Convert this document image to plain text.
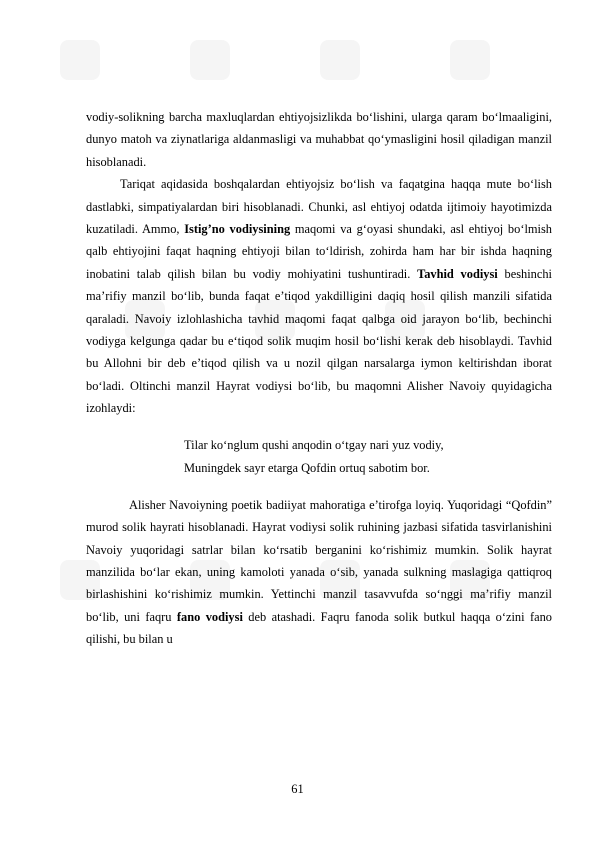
vodiy-solikning barcha maxluqlardan ehtiyojsizlikda bo‘lishini, ularga qaram bo‘lmaaligini, dunyo matoh va ziynatlariga aldanmasligi va muhabbat qo‘ymasligini hosil qiladigan manzil hisoblanadi.

Tariqat aqidasida boshqalardan ehtiyojsiz bo‘lish va faqatgina haqqa mute bo‘lish dastlabki, simpatiyalardan biri hisoblanadi. Chunki, asl ehtiyoj odatda ijtimoiy hayotimizda kuzatiladi. Ammo, Istig’no vodiysining maqomi va g‘oyasi shundaki, asl ehtiyoj bo‘lmish qalb ehtiyojini faqat haqning ehtiyoji bilan to‘ldirish, zohirda ham har bir ishda haqning inobatini talab qilish bilan bu vodiy mohiyatini tushuntiradi. Tavhid vodiysi beshinchi ma’rifiy manzil bo‘lib, bunda faqat e’tiqod yakdilligini daqiq hosil qilish manzili sifatida qaraladi. Navoiy izlohlashicha tavhid maqomi faqat qalbga oid jarayon bo‘lib, bechinchi vodiyga kelgunga qadar bu e‘tiqod solik muqim hosil bo‘lishi kerak deb hisoblaydi. Tavhid bu Allohni bir deb e’tiqod qilish va u nozil qilgan narsalarga iymon keltirishdan iborat bo‘ladi. Oltinchi manzil Hayrat vodiysi bo‘lib, bu maqomni Alisher Navoiy quyidagicha izohlaydi:

Tilar ko‘nglum qushi anqodin o‘tgay nari yuz vodiy,
Muningdek sayr etarga Qofdin ortuq sabotim bor.

Alisher Navoiyning poetik badiiyat mahoratiga e’tirofga loyiq. Yuqoridagi “Qofdin” murod solik hayrati hisoblanadi. Hayrat vodiysi solik ruhining jazbasi sifatida tasvirlanishini Navoiy yuqoridagi satrlar bilan ko‘rsatib berganini ko‘rishimiz mumkin. Solik hayrat manzilida bo‘lar ekan, uning kamoloti yanada o‘sib, yanada sulkning maslagiga qattiqroq birlashishini ko‘rishimiz mumkin. Yettinchi manzil tasavvufda so‘nggi ma’rifiy manzil bo‘lib, uni faqru fano vodiysi deb atashadi. Faqru fanoda solik butkul haqqa o‘zini fano qilishi, bu bilan u

61
